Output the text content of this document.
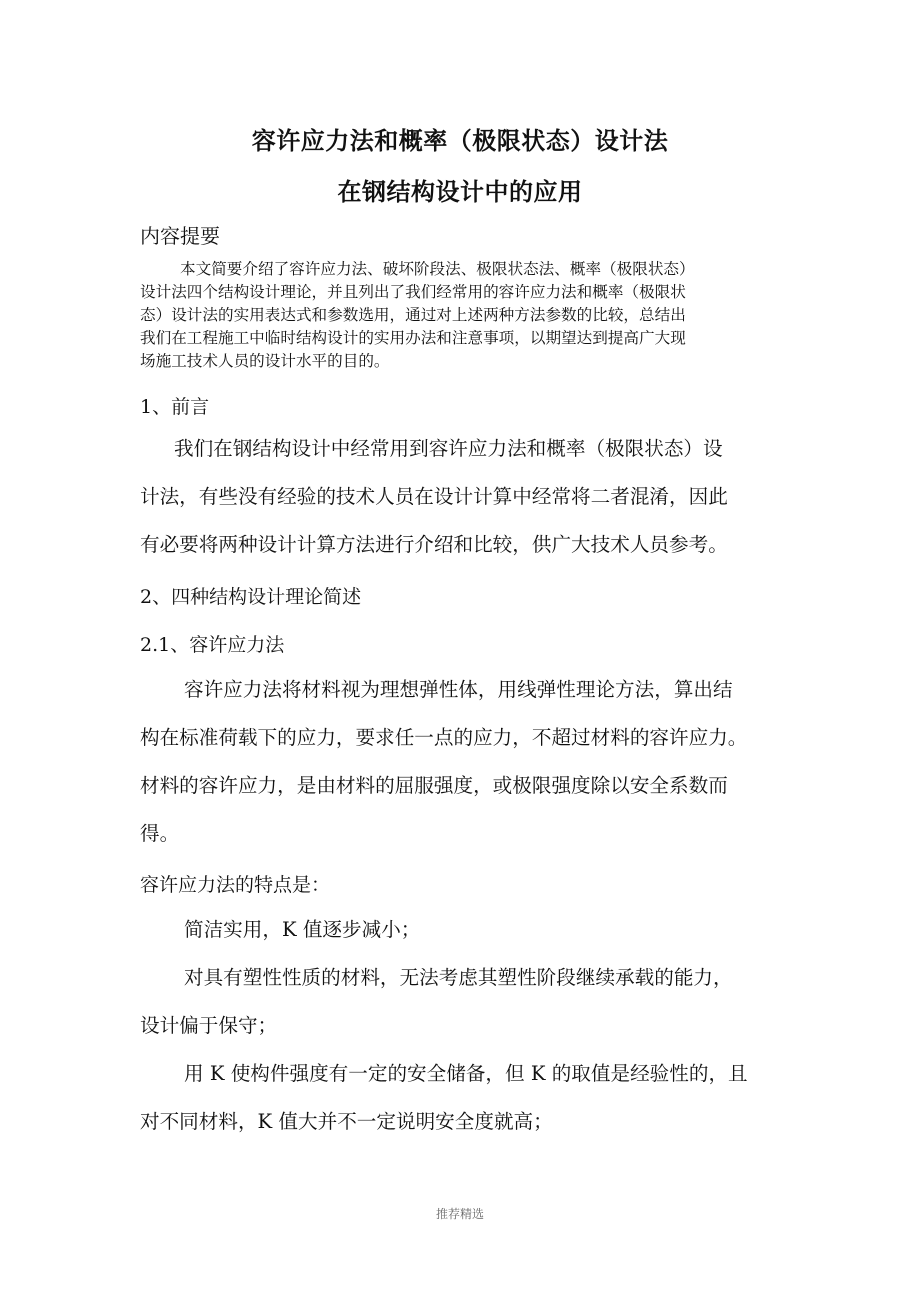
容许应力法和概率（极限状态）设计法
在钢结构设计中的应用
内容提要
本文简要介绍了容许应力法、破坏阶段法、极限状态法、概率（极限状态）
设计法四个结构设计理论，并且列出了我们经常用的容许应力法和概率（极限状
态）设计法的实用表达式和参数选用，通过对上述两种方法参数的比较，总结出
我们在工程施工中临时结构设计的实用办法和注意事项，以期望达到提高广大现
场施工技术人员的设计水平的目的。
1、前言
我们在钢结构设计中经常用到容许应力法和概率（极限状态）设
计法，有些没有经验的技术人员在设计计算中经常将二者混淆，因此
有必要将两种设计计算方法进行介绍和比较，供广大技术人员参考。
2、四种结构设计理论简述
2.1、容许应力法
容许应力法将材料视为理想弹性体，用线弹性理论方法，算出结
构在标准荷载下的应力，要求任一点的应力，不超过材料的容许应力。
材料的容许应力，是由材料的屈服强度，或极限强度除以安全系数而
得。
容许应力法的特点是：
简洁实用，K 值逐步减小；
对具有塑性性质的材料，无法考虑其塑性阶段继续承载的能力，
设计偏于保守；
用 K 使构件强度有一定的安全储备，但 K 的取值是经验性的，且
对不同材料，K 值大并不一定说明安全度就高；
推荐精选
